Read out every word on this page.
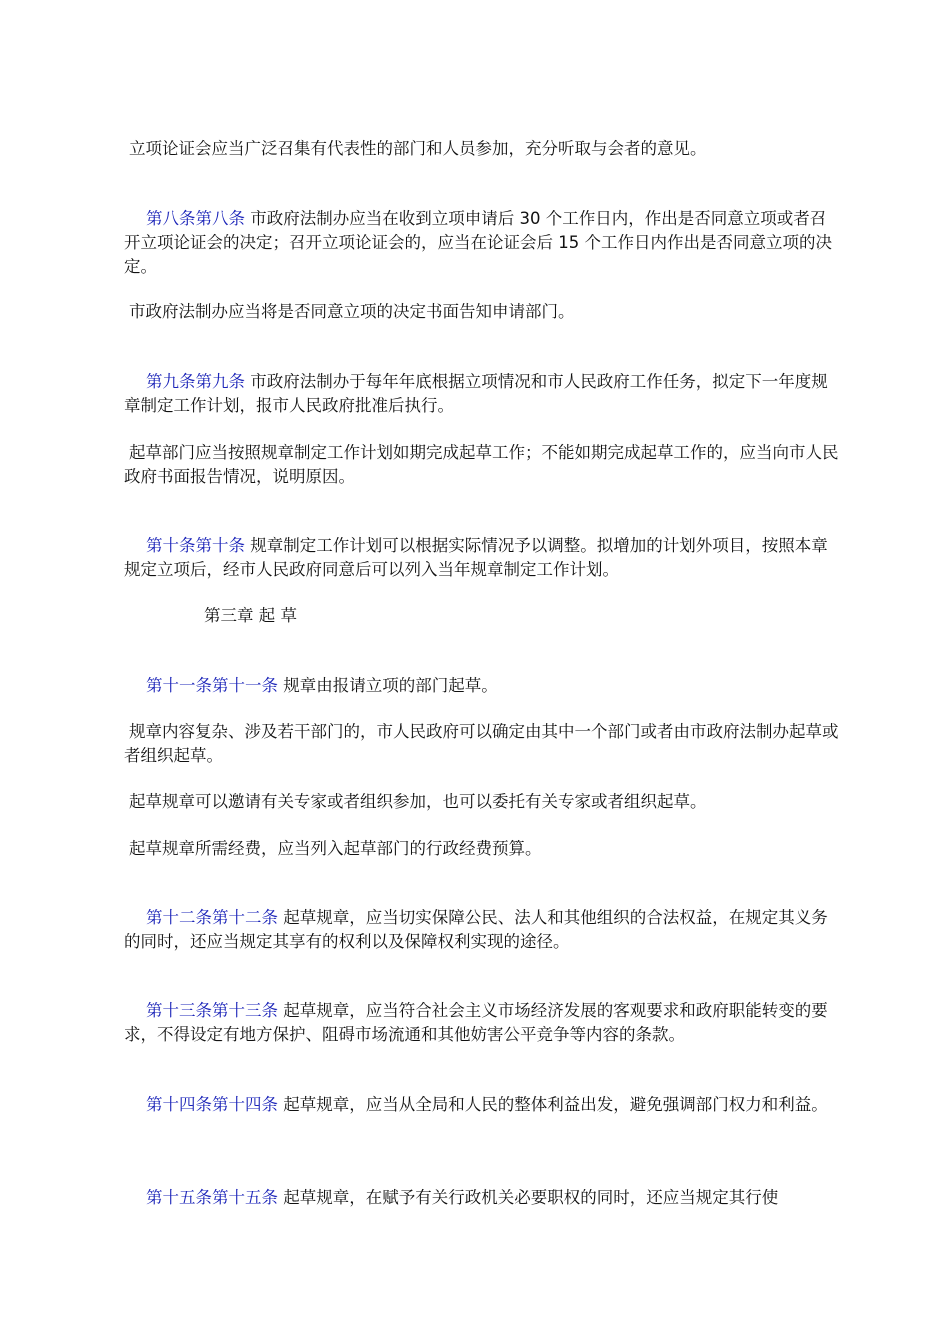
立项论证会应当广泛召集有代表性的部门和人员参加，充分听取与会者的意见。

第八条第八条 市政府法制办应当在收到立项申请后 30 个工作日内，作出是否同意立项或者召开立项论证会的决定；召开立项论证会的，应当在论证会后 15 个工作日内作出是否同意立项的决定。

市政府法制办应当将是否同意立项的决定书面告知申请部门。

第九条第九条 市政府法制办于每年年底根据立项情况和市人民政府工作任务，拟定下一年度规章制定工作计划，报市人民政府批准后执行。

起草部门应当按照规章制定工作计划如期完成起草工作；不能如期完成起草工作的，应当向市人民政府书面报告情况，说明原因。

第十条第十条 规章制定工作计划可以根据实际情况予以调整。拟增加的计划外项目，按照本章规定立项后，经市人民政府同意后可以列入当年规章制定工作计划。

第三章 起 草

第十一条第十一条 规章由报请立项的部门起草。

规章内容复杂、涉及若干部门的，市人民政府可以确定由其中一个部门或者由市政府法制办起草或者组织起草。

起草规章可以邀请有关专家或者组织参加，也可以委托有关专家或者组织起草。

起草规章所需经费，应当列入起草部门的行政经费预算。

第十二条第十二条 起草规章，应当切实保障公民、法人和其他组织的合法权益，在规定其义务的同时，还应当规定其享有的权利以及保障权利实现的途径。

第十三条第十三条 起草规章，应当符合社会主义市场经济发展的客观要求和政府职能转变的要求，不得设定有地方保护、阻碍市场流通和其他妨害公平竞争等内容的条款。

第十四条第十四条 起草规章，应当从全局和人民的整体利益出发，避免强调部门权力和利益。

第十五条第十五条 起草规章，在赋予有关行政机关必要职权的同时，还应当规定其行使
